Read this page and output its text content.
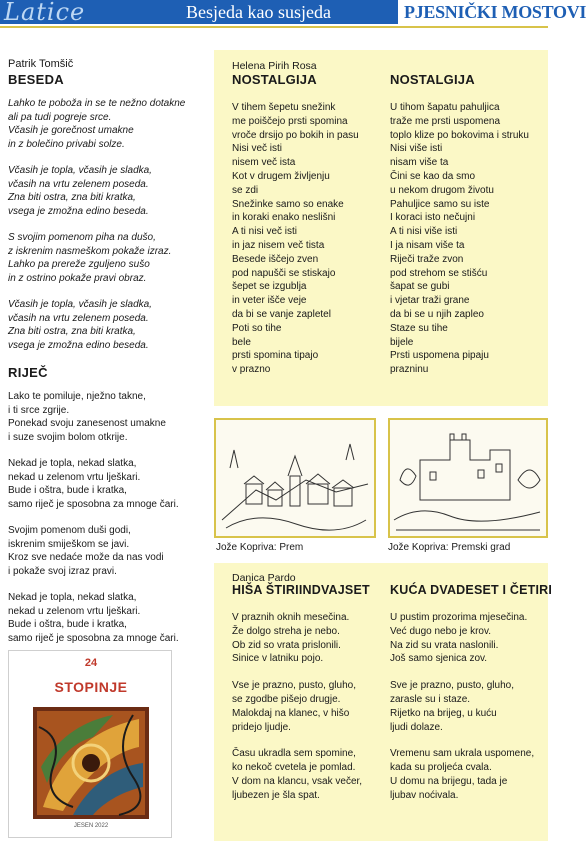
Latice	Besjeda kao susjeda	PJESNIČKI MOSTOVI
Patrik Tomšič
BESEDA
Lahko te poboža in se te nežno dotakne
ali pa tudi pogreje srce.
Včasih je gorečnost umakne
in z bolečino privabi solze.
Včasih je topla, včasih je sladka,
včasih na vrtu zelenem poseda.
Zna biti ostra, zna biti kratka,
vsega je zmožna edino beseda.
S svojim pomenom piha na dušo,
z iskrenim nasmeškom pokaže izraz.
Lahko pa prereže zguljeno sušo
in z ostrino pokaže pravi obraz.
Včasih je topla, včasih je sladka,
včasih na vrtu zelenem poseda.
Zna biti ostra, zna biti kratka,
vsega je zmožna edino beseda.
RIJEČ
Lako te pomiluje, nježno takne,
i ti srce zgrije.
Ponekad svoju zanesenost umakne
i suze svojim bolom otkrije.
Nekad je topla, nekad slatka,
nekad u zelenom vrtu lješkari.
Bude i oštra, bude i kratka,
samo riječ je sposobna za mnoge čari.
Svojim pomenom duši godi,
iskrenim smiješkom se javi.
Kroz sve nedaće može da nas vodi
i pokaže svoj izraz pravi.
Nekad je topla, nekad slatka,
nekad u zelenom vrtu lješkari.
Bude i oštra, bude i kratka,
samo riječ je sposobna za mnoge čari.
24
STOPINJE
JESEN 2022
Helena Pirih Rosa
NOSTALGIJA
V tihem šepetu snežink
me poiščejo prsti spomina
vroče drsijo po bokih in pasu
Nisi več isti
nisem več ista
Kot v drugem življenju
se zdi
Snežinke samo so enake
in koraki enako neslišni
A ti nisi več isti
in jaz nisem več tista
Besede iščejo zven
pod napušči se stiskajo
šepet se izgublja
in veter išče veje
da bi se vanje zapletel
Poti so tihe
bele
prsti spomina tipajo
v prazno
NOSTALGIJA
U tihom šapatu pahuljica
traže me prsti uspomena
toplo klize po bokovima i struku
Nisi više isti
nisam više ta
Čini se kao da smo
u nekom drugom životu
Pahuljice samo su iste
I koraci isto nečujni
A ti nisi više isti
I ja nisam više ta
Riječi traže zvon
pod strehom se stišću
šapat se gubi
i vjetar traži grane
da bi se u njih zapleo
Staze su tihe
bijele
Prsti uspomena pipaju
prazninu
Jože Kopriva: Prem	Jože Kopriva: Premski grad
Danica Pardo
HIŠA ŠTIRIINDVAJSET
V praznih oknih mesečina.
Že dolgo streha je nebo.
Ob zid so vrata prislonili.
Sinice v latniku pojo.
Vse je prazno, pusto, gluho,
se zgodbe pišejo drugje.
Malokdaj na klanec, v hišo
pridejo ljudje.
Času ukradla sem spomine,
ko nekoč cvetela je pomlad.
V dom na klancu, vsak večer,
ljubezen je šla spat.
KUĆA DVADESET I ČETIRI
U pustim prozorima mjesečina.
Već dugo nebo je krov.
Na zid su vrata naslonili.
Još samo sjenica zov.
Sve je prazno, pusto, gluho,
zarasle su i staze.
Rijetko na brijeg, u kuću
ljudi dolaze.
Vremenu sam ukrala uspomene,
kada su proljeća cvala.
U domu na brijegu, tada je
ljubav noćivala.
